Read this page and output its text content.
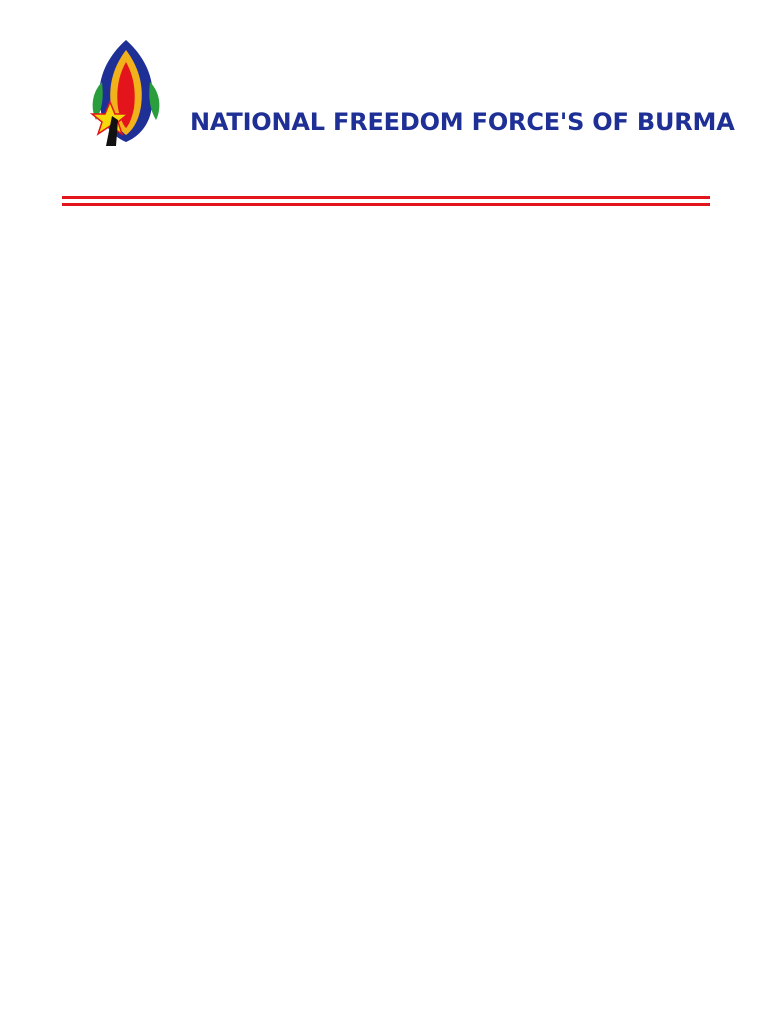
NATIONAL FREEDOM FORCE'S OF BURMA
